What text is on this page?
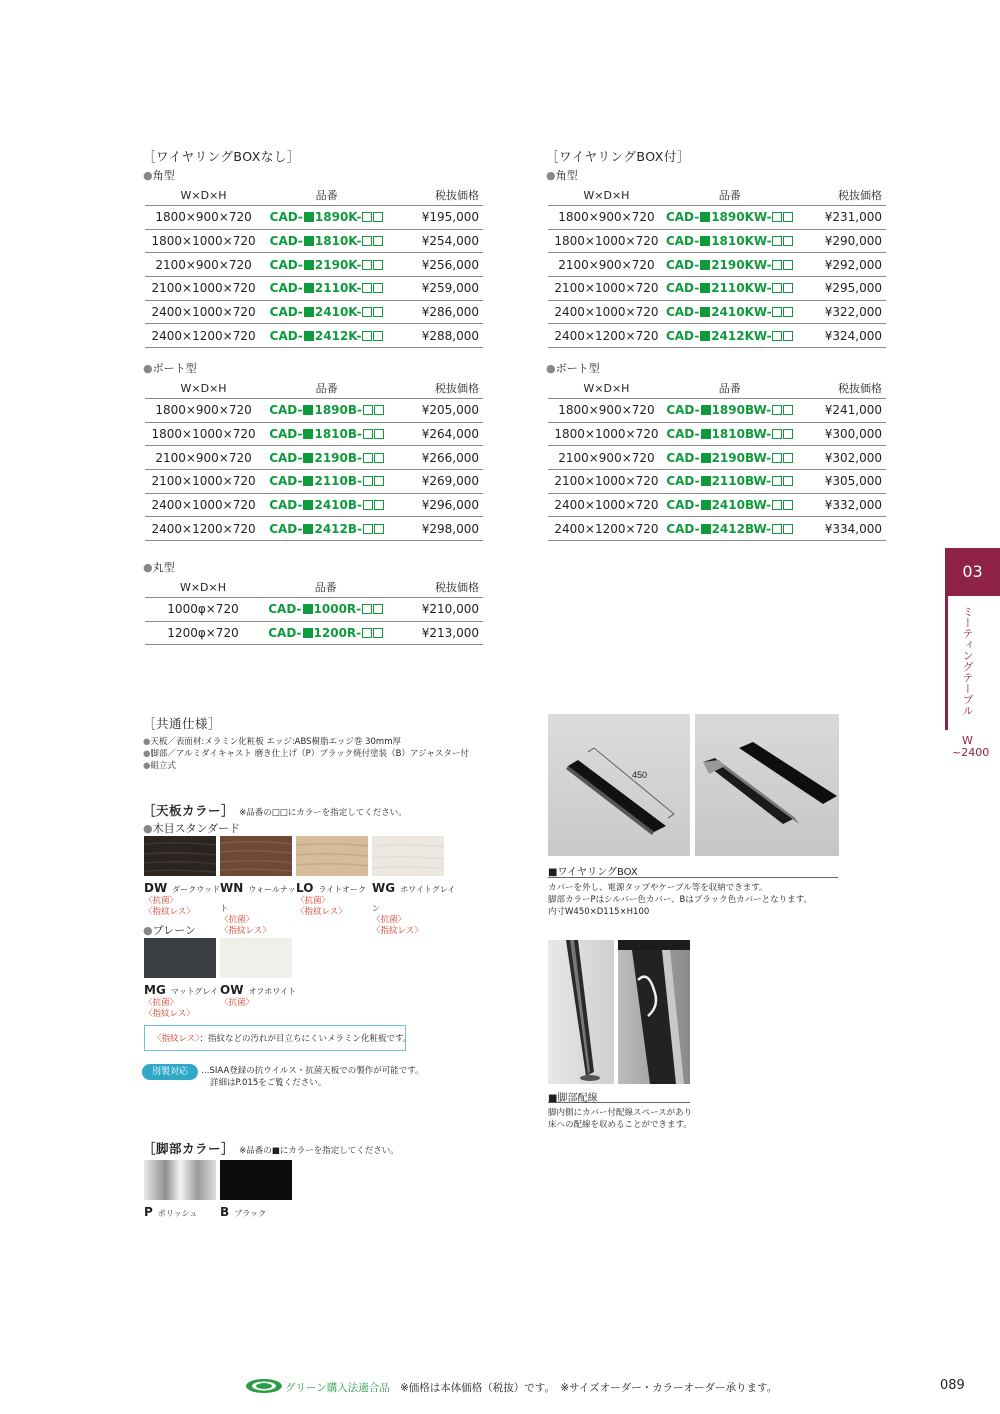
［ワイヤリングBOXなし］
●角型
W×D×H	品番	税抜価格
1800×900×720	CAD- 1890K-	¥195,000
1800×1000×720	CAD- 1810K-	¥254,000
2100×900×720	CAD- 2190K-	¥256,000
2100×1000×720	CAD- 2110K-	¥259,000
2400×1000×720	CAD- 2410K-	¥286,000
2400×1200×720	CAD- 2412K-	¥288,000
●ボート型
W×D×H	品番	税抜価格
1800×900×720	CAD- 1890B-	¥205,000
1800×1000×720	CAD- 1810B-	¥264,000
2100×900×720	CAD- 2190B-	¥266,000
2100×1000×720	CAD- 2110B-	¥269,000
2400×1000×720	CAD- 2410B-	¥296,000
2400×1200×720	CAD- 2412B-	¥298,000
●丸型
W×D×H	品番	税抜価格
1000φ×720	CAD- 1000R-	¥210,000
1200φ×720	CAD- 1200R-	¥213,000
［ワイヤリングBOX付］
●角型
W×D×H	品番	税抜価格
1800×900×720	CAD- 1890KW-	¥231,000
1800×1000×720	CAD- 1810KW-	¥290,000
2100×900×720	CAD- 2190KW-	¥292,000
2100×1000×720	CAD- 2110KW-	¥295,000
2400×1000×720	CAD- 2410KW-	¥322,000
2400×1200×720	CAD- 2412KW-	¥324,000
●ボート型
W×D×H	品番	税抜価格
1800×900×720	CAD- 1890BW-	¥241,000
1800×1000×720	CAD- 1810BW-	¥300,000
2100×900×720	CAD- 2190BW-	¥302,000
2100×1000×720	CAD- 2110BW-	¥305,000
2400×1000×720	CAD- 2410BW-	¥332,000
2400×1200×720	CAD- 2412BW-	¥334,000
03
ミーティングテーブル
W
~2400
［共通仕様］
●天板／表面材:メラミン化粧板 エッジ:ABS樹脂エッジ巻 30mm厚
●脚部／アルミダイキャスト 磨き仕上げ（P）ブラック焼付塗装（B）アジャスター付
●組立式
［天板カラー］ ※品番の□□にカラーを指定してください。
●木目スタンダード
DW ダークウッド
〈抗菌〉
〈指紋レス〉
WN ウォールナット
〈抗菌〉
〈指紋レス〉
LO ライトオーク
〈抗菌〉
〈指紋レス〉
WG ホワイトグレイン
〈抗菌〉
〈指紋レス〉
●プレーン
MG マットグレイ
〈抗菌〉
〈指紋レス〉
OW オフホワイト
〈抗菌〉
〈指紋レス〉：指紋などの汚れが目立ちにくいメラミン化粧板です。
別製対応	…SIAA登録の抗ウイルス・抗菌天板での製作が可能です。
詳細はP.015をご覧ください。
［脚部カラー］ ※品番の■にカラーを指定してください。
P ポリッシュ B ブラック
450
■ワイヤリングBOX
カバーを外し、電源タップやケーブル等を収納できます。
脚部カラーPはシルバー色カバー、Bはブラック色カバーとなります。
内寸W450×D115×H100
■脚部配線
脚内側にカバー付配線スペースがあり
床への配線を収めることができます。
グリーン購入法適合品 ※価格は本体価格（税抜）です。　※サイズオーダー・カラーオーダー承ります。	089
